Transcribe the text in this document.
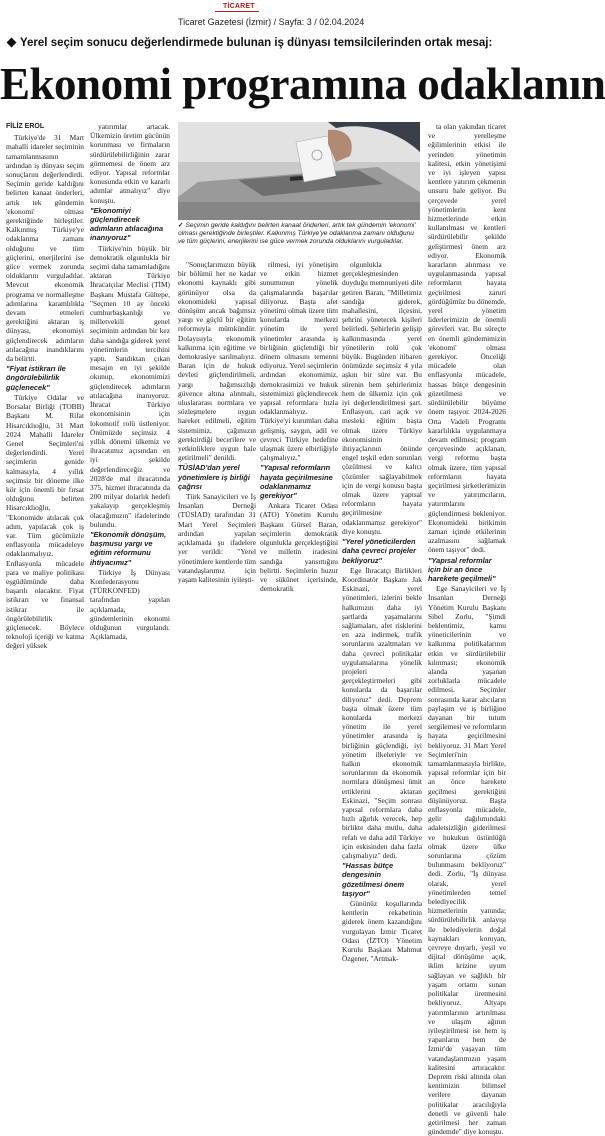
TİCARET
Ticaret Gazetesi (İzmir) / Sayfa: 3 / 02.04.2024
Yerel seçim sonucu değerlendirmede bulunan iş dünyası temsilcilerinden ortak mesaj:
Ekonomi programına odaklanın

FİLİZ EROL

Türkiye'de 31 Mart mahalli idareler seçiminin tamamlanmasının ardından iş dünyası seçim sonuçlarını değerlendirdi. Seçimin geride kaldığını belirten kanaat önderleri, artık tek gündemin 'ekonomi' olması gerektiğinde birleştiler. Kalkınmış Türkiye'ye odaklanma zamanı olduğunu ve tüm güçlerini, enerjilerini ise güce vermek zorunda olduklarını vurguladılar. Mevcut ekonomik programa ve normalleşme adımlarına karamlılıkla devam etmeleri gerektiğini aktaran iş dünyası, ekonomiyi güçlendirecek adımların atılacağına inandıklarını da belirtti.

"Fiyat istikrarı ile öngörülebilirlik güçlenecek"

Türkiye Odalar ve Borsalar Birliği (TOBB) Başkanı M. Rifat Hisarcıklıoğlu, 31 Mart 2024 Mahalli İdareler Genel Seçimleri'ni değerlendirdi. Yerel seçimlerin genide kalmasıyla, 4 yıllık seçimsiz bir döneme ilke kör için önemli bir fırsat olduğunu belirten Hisarcıklıoğlu, "Ekonomide atılacak çok adım, yapılacak çok iş var. Tüm gücümüzle enflasyonla mücadeleye odaklanmalıyız. Enflasyonla mücadele para ve maliye politikası eşgüdümünde daha başarılı olacaktır. Fiyat istikrarı ve finansal istikrar ile öngörülebilirlik güçlenecek. Böylece teknoloji içeriği ve katma değeri yüksek

yatırımlar artacak. Ülkemizin üretim gücünün korunması ve firmaların sürdürülebilirliğinin zarar görmemesi de önem arz ediyor. Yapısal reformlar konusunda etkin ve kararlı adımlar atmalıyız" diye konuştu.

"Ekonomiyi güçlendirecek adımların atılacağına inanıyoruz"

Türkiye'nin büyük bir demokratik olgunlukla bir seçimi daha tamamladığını aktaran Türkiye İhracatçılar Meclisi (TİM) Başkanı Mustafa Gültepe, "Seçmen 10 ay önceki cumhurbaşkanlığı ve milletvekili genel seçiminin ardından bir kez daha sandığa giderek yerel yönetimlerin tercihini yaptı. Sandıktan çıkan mesajın en iyi şekilde okunup, ekonomimizi güçlendirecek adımların atılacağına inanıyoruz. İhracat Türkiye ekonomisinin için lokomotif rolü üstleniyor. Önümüzde seçimsiz 4 yıllık dönemi ülkemiz ve ihracatımız açısından en iyi şekilde değerlendireceğiz ve 2028'de mal ihracatında 375, hizmet ihracatında da 200 milyar dolarlık hedefi yakalayıp gerçekleşmiş olacağımızın" ifadelerinde bulundu.

"Ekonomik dönüşüm, başmusu yargı ve eğitim reformunu ihtiyacımız"

Türkiye İş Dünyası Konfederasyonu (TÜRKONFED) tarafından yapılan açıklamada, gündemlerinin ekonomi olduğunun vurgulandı. Açıklamada,

✓ Seçimin geride kaldığını belirten kanaat önderleri, artık tek gündemin 'ekonomi' olması gerektiğinde birleştiler. Kalkınmış Türkiye'ye odaklanma zamanı olduğunu ve tüm güçlerini, enerjilerini ise güce vermek zorunda olduklarını vurguladılar.

"Sonuçlarımızın büyük bir bölümü her ne kadar ekonomi kaynaklı gibi görünüyor olsa da ekonomideki yapısal dönüşüm ancak bağımsız yargı ve güçlü bir eğitim reformuyla mümkündür. Dolayısıyla ekonomik kalkınma için eğitime ve demokrasiye sarılmalıyız. Baran için de hukuk devleti güçlendirilmeli, yargı bağımsızlığı güvence altına alınmalı, uluslararası normlara ve sözleşmelere uygun hareket edilmeli, eğitim sistemimiz, çağımızın gerektirdiği becerilere ve yetkinliklere uygun hale getirilmeli" denildi.

TÜSİAD'dan yerel yönetimlere iş birliği çağrısı

Türk Sanayicileri ve İş İnsanları Derneği (TÜSİAD) tarafından 31 Mart Yerel Seçimleri ardından yapılan açıklamada şu ifadelere yer verildi: "Yerel yönetimlere kentlerde tüm vatandaşlarımız için yaşam kalitesinin iyileşti-

rilmesi, iyi yönetişim ve etkin hizmet sunumunun yönelik çalışmalarında başarılar diliyoruz. Başta afet yönetimi olmak üzere tüm konularda merkezi yönetim ile yerel yönetimler arasında iş birliğinin güçlendiği bir dönem olmasını temenni ediyoruz. Yerel seçimlerin ardından ekonomimiz, demokrasimizi ve hukuk sistemimizi güçlendirecek yapısal reformlara hızla odaklanmalıyız. Türkiye'yi kurumları daha gelişmiş, saygın, adil ve çevreci Türkiye hedefine ulaşmak üzere elbirliğiyle çalışmalıyız."

"Yapısal reformların hayata geçirilmesine odaklanmamız gerekiyor"

Ankara Ticaret Odası (ATO) Yönetim Kurulu Başkanı Gürsel Baran, seçimlerin demokratik olgunlukla gerçekleştiğini ve milletin iradesini sandığa yansıttığını belirtti. Seçimlerin huzur ve sükûnet içerisinde, demokratik

olgunlukla gerçekleşmesinden duyduğu memnuniyeti dile getiren Baran, "Milletimiz sandığa giderek, mahallesini, ilçesini, şehrini yönetecek kişileri belirledi. Şehirlerin gelişip kalkınmasında yerel yönetilerin rolü çok büyük. Bugünden itibaren önümüzde seçimsiz 4 yıla aşkın bir süre var. Bu sürenin hem şehirlerimiz hem de ülkemiz için çok iyi değerlendirilmesi şart. Enflasyon, cari açık ve mesleki eğitim başta olmak üzere Türkiye ekonomisinin ihtiyaçlarının önünde engel teşkil eden sorunları çözülmesi ve kalıcı çözümler sağlayabilmek için de vergi konusu başta olmak üzere yapısal reformların hayata geçirilmesine odaklanmamız gerekiyor" diye konuştu.

"Yerel yöneticilerden daha çevreci projeler bekliyoruz"

Ege İhracatçı Birlikleri Koordinatör Başkanı Jak Eskinazi, yerel yönetimleri, izlerini bekle halkımızın daha iyi şartlarda yaşamalarını sağlamaları, afet risklerini en aza indirmek, trafik sorunlarını azaltmaları ve daha çevreci politikalar uygulamalarına yönelik projeleri gerçekleştirmeleri gibi konularda da başarılar diliyoruz" dedi. Deprem başta olmak üzere tüm konularda merkezi yönetim ile yerel yönetimler arasında iş birliğinin güçlendiği, iyi yönetim ilkeleriyle ve halkın ekonomik sorunlarının da ekonomik normlara dönüşmesi ümit ettiklerini aktaran Eskinazi, "Seçim sonrası yapısal reformlara daha hızlı ağırlık verecek, hep birlikte daha mutlu, daha refah ve daha adil Türkiye için eskisinden daha fazla çalışmalıyız" dedi.

"Hassas bütçe dengesinin gözetilmesi önem taşıyor"

Gününüz koşullarında kentlerin rekabetinin giderek önem kazandığını vurgulayan İzmir Ticaret Odası (İZTO) Yönetim Kurulu Başkanı Mahmut Özgener, "Artmak-

ta olan yakından ticaret ve yerelleşme eğilimlerinin etkisi ile yerinden yönetimin kalitesi, etkin yönetişimi ve iyi işleyen yapısı kentlere yatırım çekmenin unsuru hale geliyor. Bu çerçevede yerel yönetimlerin kent hizmetlerinde etkin kullanılması ve kentleri sürdürülebilir şekilde geliştirmesi önem arz ediyor. Ekonomik kararların alınması ve uygulanmasında yapısal reformların hayata geçirilmesi zaruri gördüğümüz bu dönemde, yerel yönetim liderlerimizin de önemli görevleri var. Bu süreçte en önemli gündemimizin 'ekonomi' olması gerekiyor. Önceliği mücadele olan enflasyonla mücadele, hassas bütçe dengesinin gözetilmesi ve sürdürülebilir büyüme önem taşıyor. 2024-2026 Orta Vadeli Programı kararlılıkla uygulanmaya devam edilmesi; program çerçevesinde açıklanan, vergi reformu başta olmak üzere, tüm yapısal reformların hayata geçirilmesi şirketlerimizin ve yatırımcıların, yatırımlarını güçlendirmesi bekleniyor. Ekonomideki birikimin zaman içinde etkilerinin azalmasını sağlamak önem taşıyor" dedi.

"Yapısal reformlar için bir an önce harekete geçilmeli"

Ege Sanayicileri ve İş İnsanları Derneği Yönetim Kurulu Başkanı Sibel Zorlu, "Şimdi beklentimiz, kamu yöneticilerinin ve kalkınma politikalarının etkin ve sürdürülebilir kılınması; ekonomik alanda yaşanan zorluklarla mücadele edilmesi. Seçimler sonrasında karar alıcıların paylaşım ve iş birliğine dayanan bir tutum sergilemesi ve reformların hayata geçirilmesini bekliyoruz. 31 Mart Yerel Seçimleri'nin tamamlanmasıyla birlikte, yapısal reformlar için bir an önce harekete geçilmesi gerektiğini düşünüyoruz. Başta enflasyonla mücadele, gelir dağılımındaki adaletsizliğin giderilmesi ve hukukun üstünlüğü olmak üzere ülke sorunlarına çözüm bulunmasını bekliyoruz" dedi. Zorlu, "İş dünyası olarak, yerel yönetimlerden temel belediyecilik hizmetlerinin yanında; sürdürülebilirlik anlayışı ile belediyelerin doğal kaynakları koruyan, çevreye duyarlı, yeşil ve dijital dönüşüme açık, iklim krizine uyum sağlayan ve sağlıklı bir yaşam ortamı sunan politikalar üretmesini bekliyoruz. Altyapı yatırımlarının artırılması ve ulaşım ağının iyileştirilmesi ise hem iş yapanların hem de İzmir'de yaşayan tüm vatandaşlarımızın yaşam kalitesini artıracaktır. Deprem riski altında olan kentimizin bilimsel verilere dayanan politikalar aracılığıyla denetli ve güvenli hale getirilmesi her zaman gündemde" diye konuştu.
